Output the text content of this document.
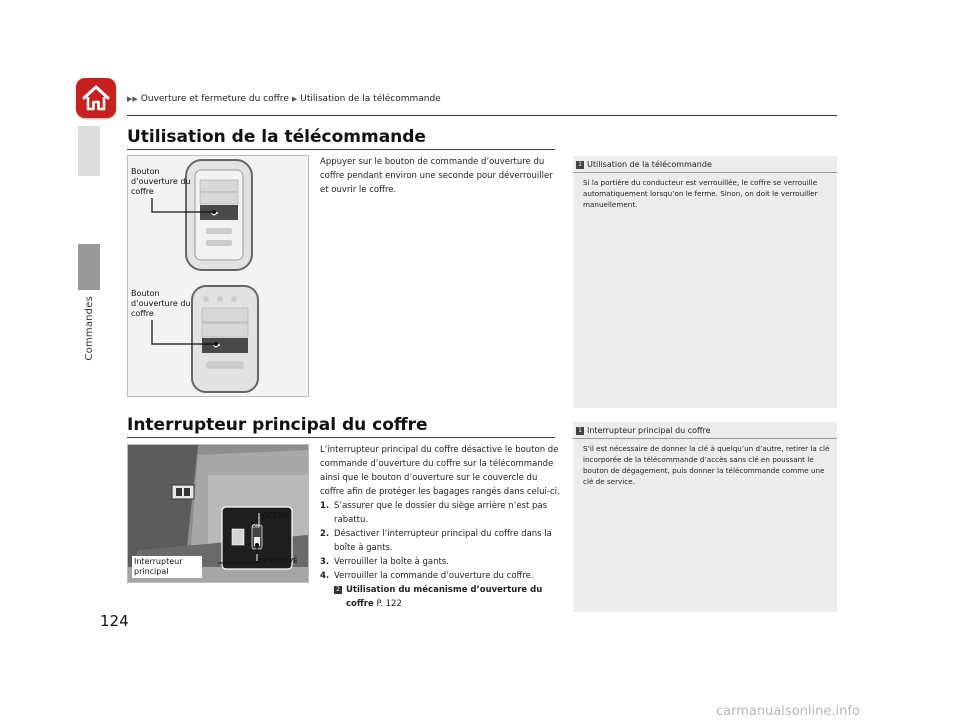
Commandes
▶▶ Ouverture et fermeture du coffre ▶ Utilisation de la télécommande
Utilisation de la télécommande
Bouton d’ouverture du coffre
Bouton d’ouverture du coffre
Appuyer sur le bouton de commande d’ouverture du coffre pendant environ une seconde pour déverrouiller et ouvrir le coffre.
1 Utilisation de la télécommande
Si la portière du conducteur est verrouillée, le coffre se verrouille automatiquement lorsqu’on le ferme. Sinon, on doit le verrouiller manuellement.
Interrupteur principal du coffre
ACTIVÉ
DÉSACTIVÉ
Interrupteur principal
ON
L’interrupteur principal du coffre désactive le bouton de commande d’ouverture du coffre sur la télécommande ainsi que le bouton d’ouverture sur le couvercle du coffre afin de protéger les bagages rangés dans celui-ci.
1. S’assurer que le dossier du siège arrière n’est pas rabattu.
2. Désactiver l’interrupteur principal du coffre dans la boîte à gants.
3. Verrouiller la boîte à gants.
4. Verrouiller la commande d’ouverture du coffre.
2 Utilisation du mécanisme d’ouverture du coffre P. 122
1 Interrupteur principal du coffre
S’il est nécessaire de donner la clé à quelqu’un d’autre, retirer la clé incorporée de la télécommande d’accès sans clé en poussant le bouton de dégagement, puis donner la télécommande comme une clé de service.
124
carmanualsonline.info
